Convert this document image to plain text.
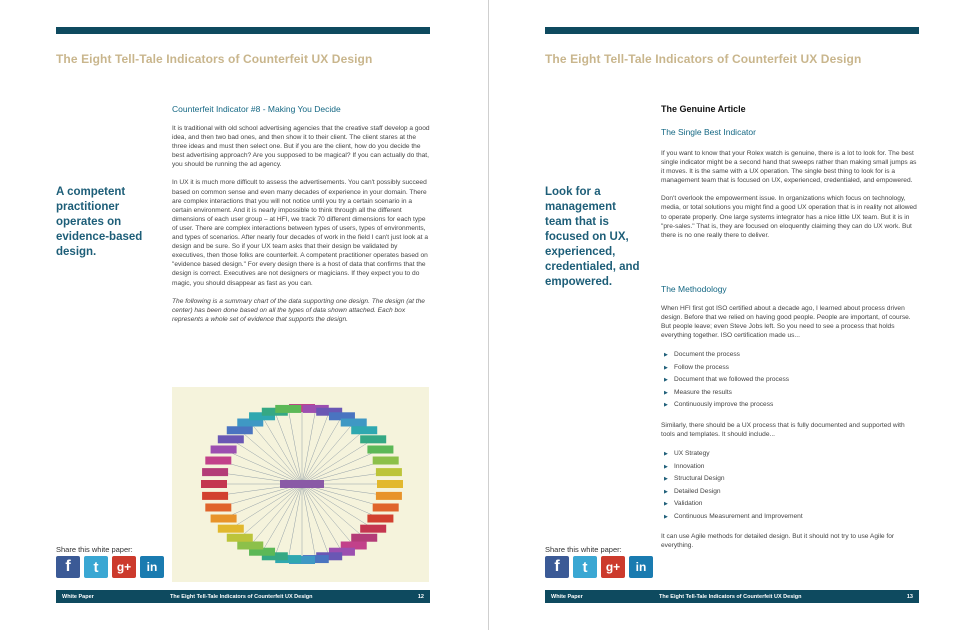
The Eight Tell-Tale Indicators of Counterfeit UX Design
Counterfeit Indicator #8 - Making You Decide

It is traditional with old school advertising agencies that the creative staff develop a good idea, and then two bad ones, and then show it to their client. The client stares at the three ideas and must then select one. But if you are the client, how do you decide the best advertising approach? Are you supposed to be magical? If you can actually do that, you should be running the ad agency.

In UX it is much more difficult to assess the advertisements. You can't possibly succeed based on common sense and even many decades of experience in your domain. There are complex interactions that you will not notice until you try a certain scenario in a certain environment. And it is nearly impossible to think through all the different dimensions of each user group – at HFI, we track 70 different dimensions for each type of user. There are complex interactions between types of users, types of environments, and types of scenarios. After nearly four decades of work in the field I can't just look at a design and be sure. So if your UX team asks that their design be validated by executives, then those folks are counterfeit. A competent practitioner operates based on "evidence based design." For every design there is a host of data that confirms that the design is correct. Executives are not designers or magicians. If they expect you to do magic, you should disappear as fast as you can.

The following is a summary chart of the data supporting one design. The design (at the center) has been done based on all the types of data shown attached. Each box represents a whole set of evidence that supports the design.

A competent practitioner operates on evidence-based design.
Share this white paper:
f	t	g+	in
White Paper	The Eight Tell-Tale Indicators of Counterfeit UX Design	12
The Eight Tell-Tale Indicators of Counterfeit UX Design
The Genuine Article
The Single Best Indicator

If you want to know that your Rolex watch is genuine, there is a lot to look for. The best single indicator might be a second hand that sweeps rather than making small jumps as it moves. It is the same with a UX operation. The single best thing to look for is a management team that is focused on UX, experienced, credentialed, and empowered.

Don't overlook the empowerment issue. In organizations which focus on technology, media, or total solutions you might find a good UX operation that is in reality not allowed to operate properly. One large systems integrator has a nice little UX team. But it is in "pre-sales." That is, they are focused on eloquently claiming they can do UX work. But there is no one really there to deliver.

The Methodology

When HFI first got ISO certified about a decade ago, I learned about process driven design. Before that we relied on having good people. People are important, of course. But people leave; even Steve Jobs left. So you need to see a process that holds everything together. ISO certification made us...

▶ Document the process
▶ Follow the process
▶ Document that we followed the process
▶ Measure the results
▶ Continuously improve the process

Similarly, there should be a UX process that is fully documented and supported with tools and templates. It should include...

▶ UX Strategy
▶ Innovation
▶ Structural Design
▶ Detailed Design
▶ Validation
▶ Continuous Measurement and Improvement

It can use Agile methods for detailed design. But it should not try to use Agile for everything.

Look for a management team that is focused on UX, experienced, credentialed, and empowered.
Share this white paper:
f	t	g+	in
White Paper	The Eight Tell-Tale Indicators of Counterfeit UX Design	13
